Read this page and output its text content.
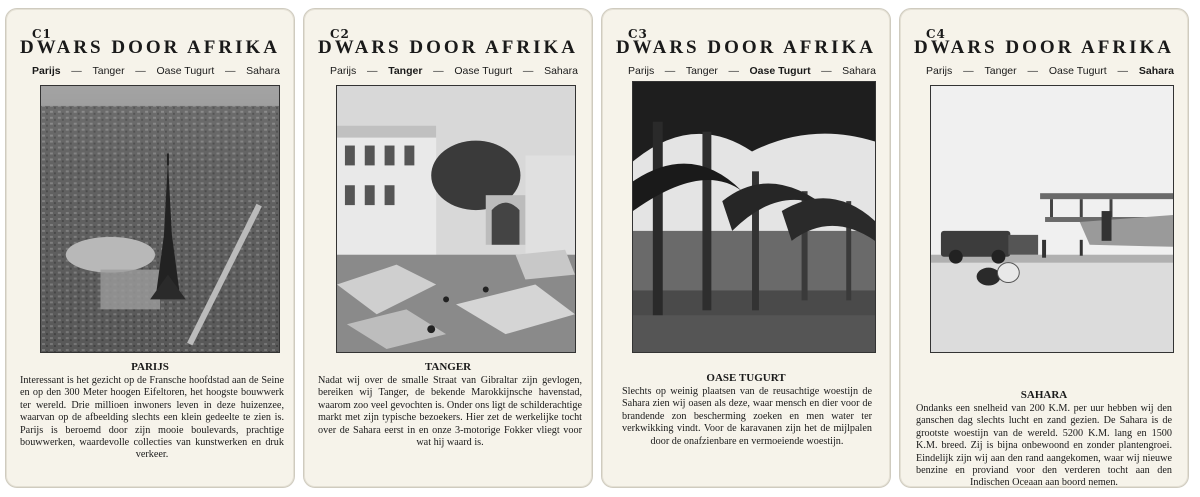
C1
DWARS DOOR AFRIKA
Parijs — Tanger — Oase Tugurt — Sahara
PARIJS
Interessant is het gezicht op de Fransche hoofdstad aan de Seine en op den 300 Meter hoogen Eifeltoren, het hoogste bouwwerk ter wereld. Drie millioen inwoners leven in deze huizenzee, waarvan op de afbeelding slechts een klein gedeelte te zien is. Parijs is beroemd door zijn mooie boulevards, prachtige bouwwerken, waardevolle collecties van kunstwerken en druk verkeer.
C2
DWARS DOOR AFRIKA
Parijs — Tanger — Oase Tugurt — Sahara
TANGER
Nadat wij over de smalle Straat van Gibraltar zijn gevlogen, bereiken wij Tanger, de bekende Marokkijnsche havenstad, waarom zoo veel gevochten is. Onder ons ligt de schilderachtige markt met zijn typische bezoekers. Hier zet de werkelijke tocht over de Sahara eerst in en onze 3-motorige Fokker vliegt voor wat hij waard is.
C3
DWARS DOOR AFRIKA
Parijs — Tanger — Oase Tugurt — Sahara
OASE TUGURT
Slechts op weinig plaatsen van de reusachtige woestijn de Sahara zien wij oasen als deze, waar mensch en dier voor de brandende zon bescherming zoeken en men water ter verkwikking vindt. Voor de karavanen zijn het de mijlpalen door de onafzienbare en vermoeiende woestijn.
C4
DWARS DOOR AFRIKA
Parijs — Tanger — Oase Tugurt — Sahara
SAHARA
Ondanks een snelheid van 200 K.M. per uur hebben wij den ganschen dag slechts lucht en zand gezien. De Sahara is de grootste woestijn van de wereld. 5200 K.M. lang en 1500 K.M. breed. Zij is bijna onbewoond en zonder plantengroei. Eindelijk zijn wij aan den rand aangekomen, waar wij nieuwe benzine en proviand voor den verderen tocht aan den Indischen Oceaan aan boord nemen.
